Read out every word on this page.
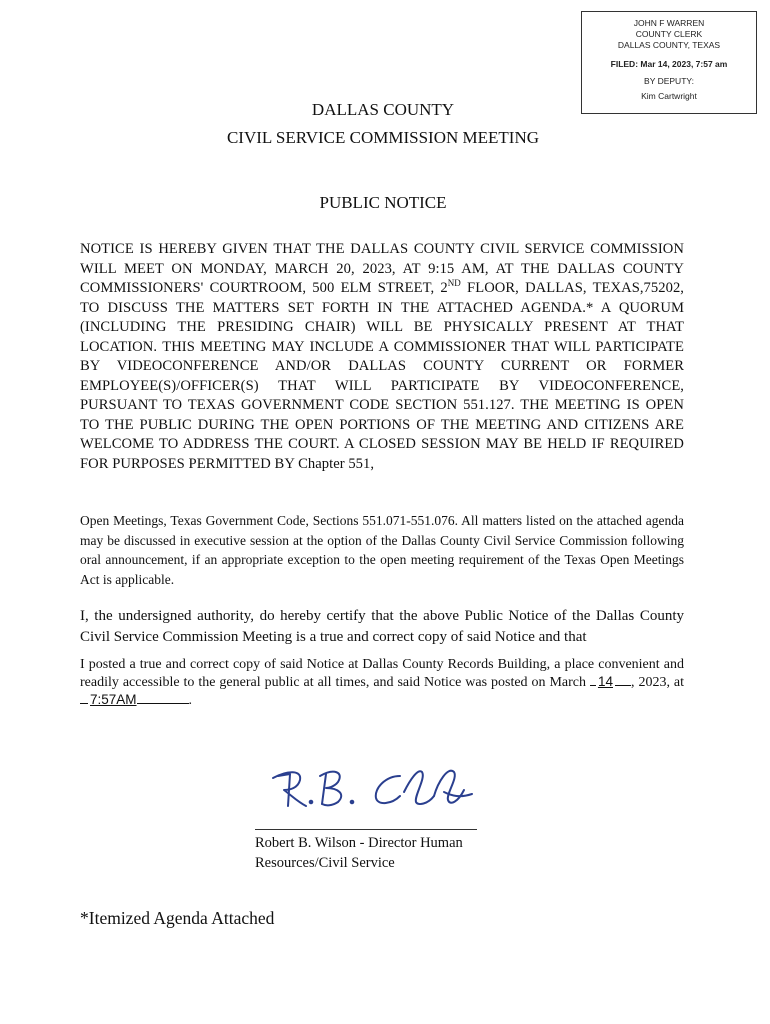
JOHN F WARREN
COUNTY CLERK
DALLAS COUNTY, TEXAS
FILED: Mar 14, 2023, 7:57 am
BY DEPUTY:
Kim Cartwright
DALLAS COUNTY
CIVIL SERVICE COMMISSION MEETING
PUBLIC NOTICE
NOTICE IS HEREBY GIVEN THAT THE DALLAS COUNTY CIVIL SERVICE COMMISSION WILL MEET ON MONDAY, MARCH 20, 2023, AT 9:15 AM, AT THE DALLAS COUNTY COMMISSIONERS' COURTROOM, 500 ELM STREET, 2ND FLOOR, DALLAS, TEXAS,75202, TO DISCUSS THE MATTERS SET FORTH IN THE ATTACHED AGENDA.* A QUORUM (INCLUDING THE PRESIDING CHAIR) WILL BE PHYSICALLY PRESENT AT THAT LOCATION. THIS MEETING MAY INCLUDE A COMMISSIONER THAT WILL PARTICIPATE BY VIDEOCONFERENCE AND/OR DALLAS COUNTY CURRENT OR FORMER EMPLOYEE(S)/OFFICER(S) THAT WILL PARTICIPATE BY VIDEOCONFERENCE, PURSUANT TO TEXAS GOVERNMENT CODE SECTION 551.127. THE MEETING IS OPEN TO THE PUBLIC DURING THE OPEN PORTIONS OF THE MEETING AND CITIZENS ARE WELCOME TO ADDRESS THE COURT. A CLOSED SESSION MAY BE HELD IF REQUIRED FOR PURPOSES PERMITTED BY Chapter 551,
Open Meetings, Texas Government Code, Sections 551.071-551.076. All matters listed on the attached agenda may be discussed in executive session at the option of the Dallas County Civil Service Commission following oral announcement, if an appropriate exception to the open meeting requirement of the Texas Open Meetings Act is applicable.
I, the undersigned authority, do hereby certify that the above Public Notice of the Dallas County Civil Service Commission Meeting is a true and correct copy of said Notice and that
I posted a true and correct copy of said Notice at Dallas County Records Building, a place convenient and readily accessible to the general public at all times, and said Notice was posted on March 14 , 2023, at 7:57AM	.
Robert B. Wilson - Director Human
Resources/Civil Service
*Itemized Agenda Attached
